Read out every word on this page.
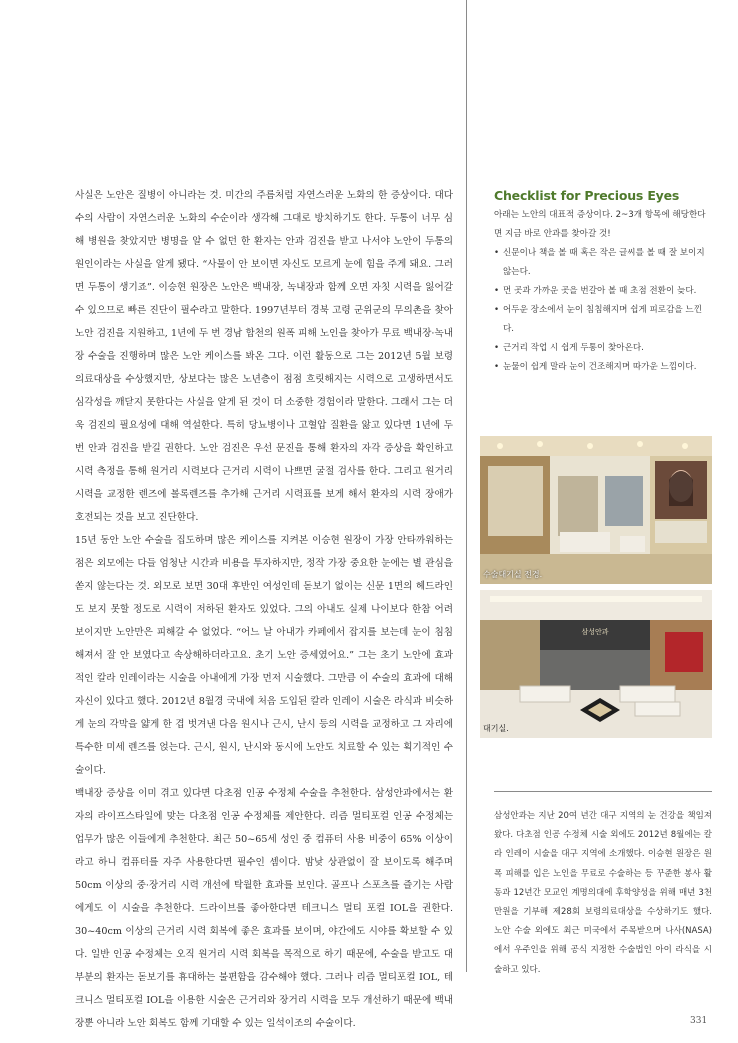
사실은 노안은 질병이 아니라는 것. 미간의 주름처럼 자연스러운 노화의 한 증상이다. 대다수의 사람이 자연스러운 노화의 수순이라 생각해 그대로 방치하기도 한다. 두통이 너무 심해 병원을 찾았지만 병명을 알 수 없던 한 환자는 안과 검진을 받고 나서야 노안이 두통의 원인이라는 사실을 알게 됐다. “사물이 안 보이면 자신도 모르게 눈에 힘을 주게 돼요. 그러면 두통이 생기죠”. 이승현 원장은 노안은 백내장, 녹내장과 함께 오면 자칫 시력을 잃어갈 수 있으므로 빠른 진단이 필수라고 말한다. 1997년부터 경북 고령 군위군의 무의촌을 찾아 노안 검진을 지원하고, 1년에 두 번 경남 합천의 원폭 피해 노인을 찾아가 무료 백내장·녹내장 수술을 진행하며 많은 노안 케이스를 봐온 그다. 이런 활동으로 그는 2012년 5월 보령의료대상을 수상했지만, 상보다는 많은 노년층이 점점 흐릿해지는 시력으로 고생하면서도 심각성을 깨닫지 못한다는 사실을 알게 된 것이 더 소중한 경험이라 말한다. 그래서 그는 더욱 검진의 필요성에 대해 역설한다. 특히 당뇨병이나 고혈압 질환을 앓고 있다면 1년에 두 번 안과 검진을 받길 권한다. 노안 검진은 우선 문진을 통해 환자의 자각 증상을 확인하고 시력 측정을 통해 원거리 시력보다 근거리 시력이 나쁘면 굴절 검사를 한다. 그리고 원거리 시력을 교정한 렌즈에 볼록렌즈를 추가해 근거리 시력표를 보게 해서 환자의 시력 장애가 호전되는 것을 보고 진단한다.

15년 동안 노안 수술을 집도하며 많은 케이스를 지켜본 이승현 원장이 가장 안타까워하는 점은 외모에는 다들 엄청난 시간과 비용을 투자하지만, 정작 가장 중요한 눈에는 별 관심을 쏟지 않는다는 것. 외모로 보면 30대 후반인 여성인데 돋보기 없이는 신문 1면의 헤드라인도 보지 못할 정도로 시력이 저하된 환자도 있었다. 그의 아내도 실제 나이보다 한참 어려 보이지만 노안만은 피해갈 수 없었다. “어느 날 아내가 카페에서 잡지를 보는데 눈이 침침해져서 잘 안 보였다고 속상해하더라고요. 초기 노안 증세였어요.” 그는 초기 노안에 효과적인 칼라 인레이라는 시술을 아내에게 가장 먼저 시술했다. 그만큼 이 수술의 효과에 대해 자신이 있다고 했다. 2012년 8월경 국내에 처음 도입된 칼라 인레이 시술은 라식과 비슷하게 눈의 각막을 얇게 한 겹 벗겨낸 다음 원시나 근시, 난시 등의 시력을 교정하고 그 자리에 특수한 미세 렌즈를 얹는다. 근시, 원시, 난시와 동시에 노안도 치료할 수 있는 획기적인 수술이다.

백내장 증상을 이미 겪고 있다면 다초점 인공 수정체 수술을 추천한다. 삼성안과에서는 환자의 라이프스타일에 맞는 다초점 인공 수정체를 제안한다. 리즘 멀티포컬 인공 수정체는 업무가 많은 이들에게 추천한다. 최근 50~65세 성인 중 컴퓨터 사용 비중이 65% 이상이라고 하니 컴퓨터를 자주 사용한다면 필수인 셈이다. 밤낮 상관없이 잘 보이도록 해주며 50cm 이상의 중·장거리 시력 개선에 탁월한 효과를 보인다. 골프나 스포츠를 즐기는 사람에게도 이 시술을 추천한다. 드라이브를 좋아한다면 테크니스 멀티 포컬 IOL을 권한다. 30~40cm 이상의 근거리 시력 회복에 좋은 효과를 보이며, 야간에도 시야를 확보할 수 있다. 일반 인공 수정체는 오직 원거리 시력 회복을 목적으로 하기 때문에, 수술을 받고도 대부분의 환자는 돋보기를 휴대하는 불편함을 감수해야 했다. 그러나 리즘 멀티포컬 IOL, 테크니스 멀티포컬 IOL을 이용한 시술은 근거리와 장거리 시력을 모두 개선하기 때문에 백내장뿐 아니라 노안 회복도 함께 기대할 수 있는 일석이조의 수술이다.

Checklist for Precious Eyes

아래는 노안의 대표적 증상이다. 2~3개 항목에 해당한다면 지금 바로 안과를 찾아갈 것!

• 신문이나 책을 볼 때 혹은 작은 글씨를 볼 때 잘 보이지 않는다.
• 먼 곳과 가까운 곳을 번갈아 볼 때 초점 전환이 늦다.
• 어두운 장소에서 눈이 침침해지며 쉽게 피로감을 느낀다.
• 근거리 작업 시 쉽게 두통이 찾아온다.
• 눈물이 쉽게 말라 눈이 건조해지며 따가운 느낌이다.
수술대기실 전경.
삼성안과
대기실.
삼성안과는 지난 20여 년간 대구 지역의 눈 건강을 책임져왔다. 다초점 인공 수정체 시술 외에도 2012년 8월에는 칼라 인레이 시술을 대구 지역에 소개했다. 이승현 원장은 원폭 피해를 입은 노인을 무료로 수술하는 등 꾸준한 봉사 활동과 12년간 모교인 계명의대에 후학양성을 위해 매년 3천만원을 기부해 제28회 보령의료대상을 수상하기도 했다. 노안 수술 외에도 최근 미국에서 주목받으며 나사(NASA)에서 우주인을 위해 공식 지정한 수술법인 아이 라식을 시술하고 있다.
331
